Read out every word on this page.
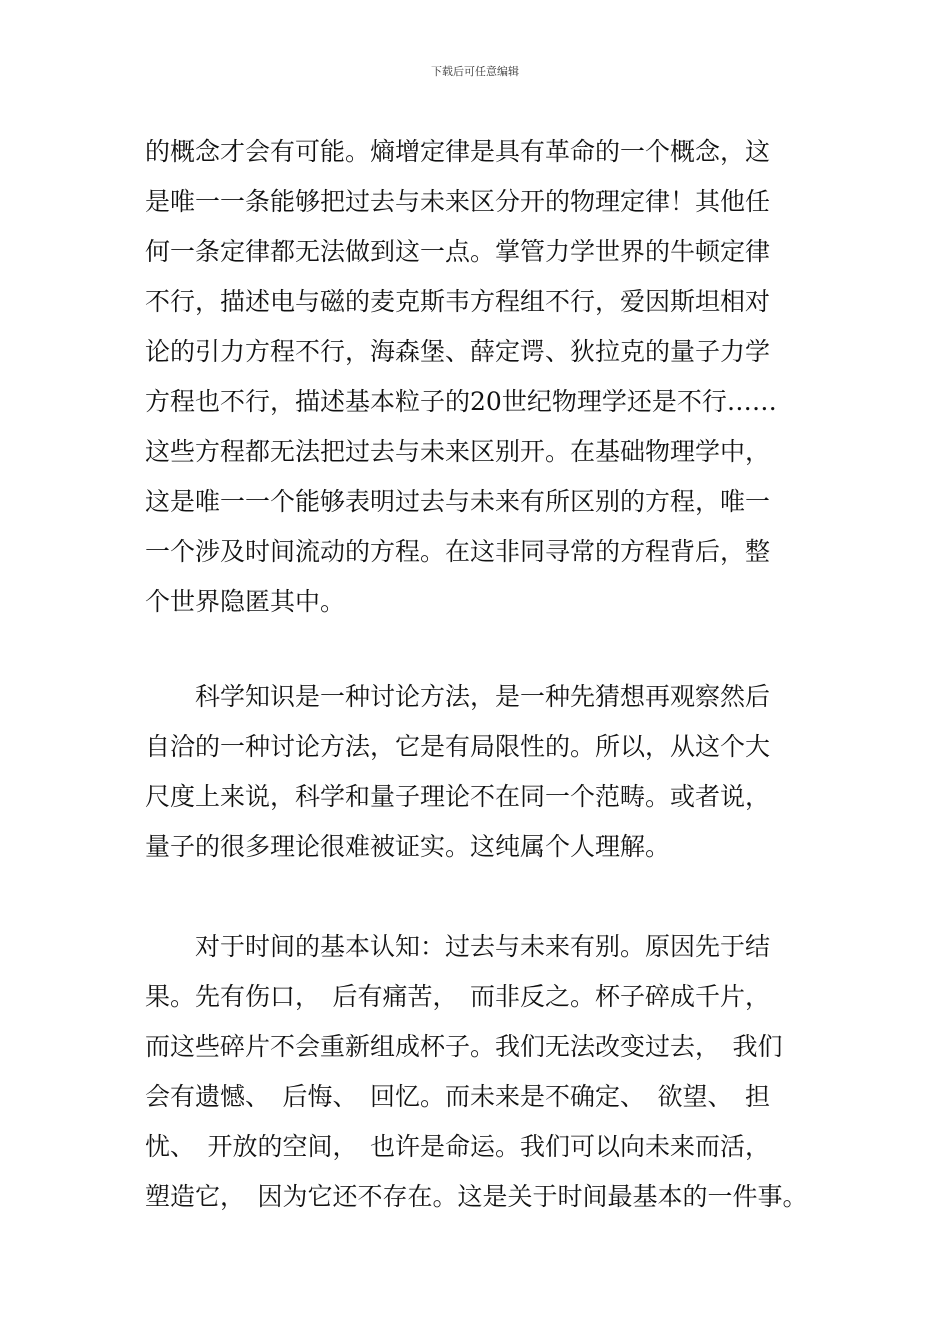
下载后可任意编辑

的概念才会有可能。熵增定律是具有革命的一个概念，这
是唯一一条能够把过去与未来区分开的物理定律！其他任
何一条定律都无法做到这一点。掌管力学世界的牛顿定律
不行，描述电与磁的麦克斯韦方程组不行，爱因斯坦相对
论的引力方程不行，海森堡、薛定谔、狄拉克的量子力学
方程也不行，描述基本粒子的20世纪物理学还是不行……
这些方程都无法把过去与未来区别开。在基础物理学中，
这是唯一一个能够表明过去与未来有所区别的方程，唯一
一个涉及时间流动的方程。在这非同寻常的方程背后，整
个世界隐匿其中。

　　科学知识是一种讨论方法，是一种先猜想再观察然后
自洽的一种讨论方法，它是有局限性的。所以，从这个大
尺度上来说，科学和量子理论不在同一个范畴。或者说，
量子的很多理论很难被证实。这纯属个人理解。

　　对于时间的基本认知：过去与未来有别。原因先于结
果。先有伤口，　后有痛苦，　而非反之。杯子碎成千片，
而这些碎片不会重新组成杯子。我们无法改变过去，　我们
会有遗憾、　后悔、　回忆。而未来是不确定、　欲望、　担
忧、　开放的空间，　也许是命运。我们可以向未来而活，
塑造它，　因为它还不存在。这是关于时间最基本的一件事。
